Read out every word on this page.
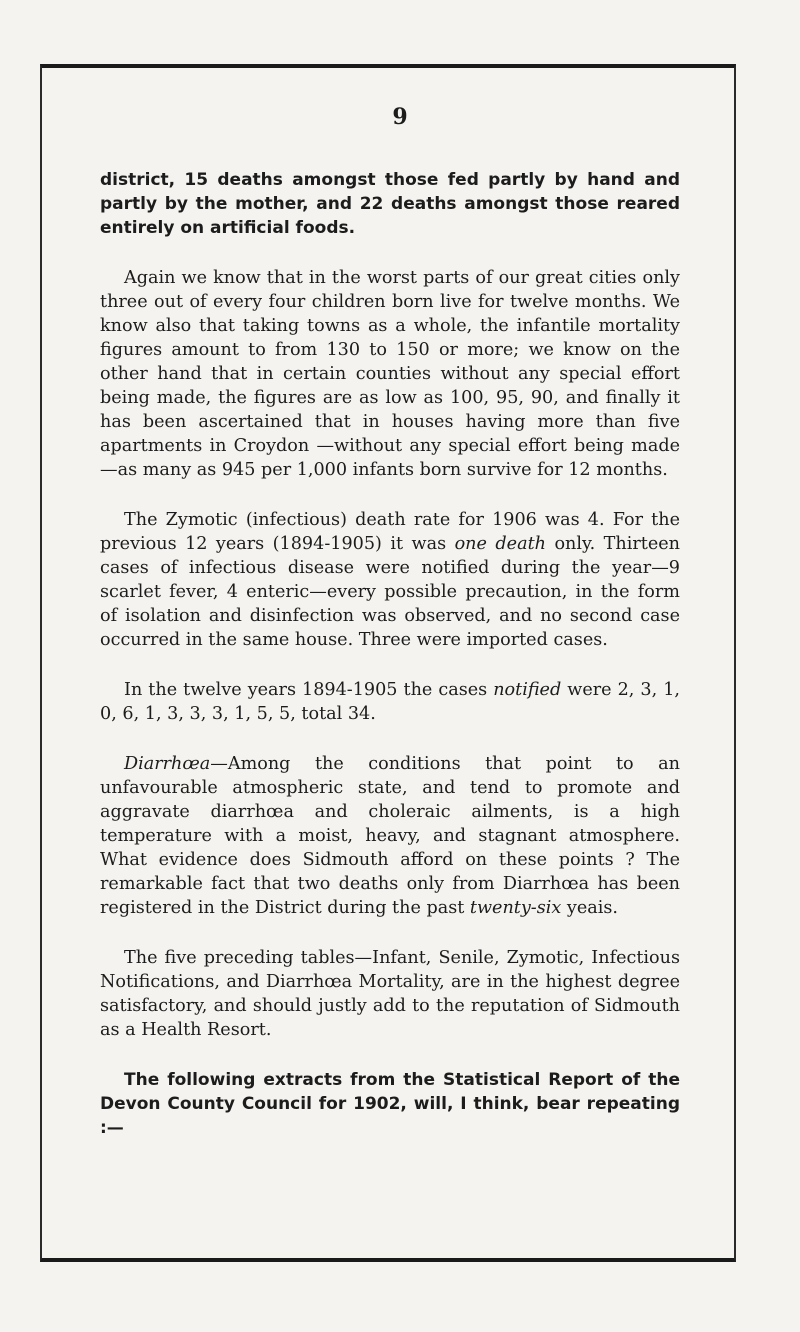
9

district, 15 deaths amongst those fed partly by hand and partly by the mother, and 22 deaths amongst those reared entirely on artificial foods.

Again we know that in the worst parts of our great cities only three out of every four children born live for twelve months. We know also that taking towns as a whole, the infantile mortality figures amount to from 130 to 150 or more; we know on the other hand that in certain counties without any special effort being made, the figures are as low as 100, 95, 90, and finally it has been ascertained that in houses having more than five apartments in Croydon —without any special effort being made—as many as 945 per 1,000 infants born survive for 12 months.

The Zymotic (infectious) death rate for 1906 was 4. For the previous 12 years (1894-1905) it was one death only. Thirteen cases of infectious disease were notified during the year—9 scarlet fever, 4 enteric—every possible precaution, in the form of isolation and disinfection was observed, and no second case occurred in the same house. Three were imported cases.

In the twelve years 1894-1905 the cases notified were 2, 3, 1, 0, 6, 1, 3, 3, 3, 1, 5, 5, total 34.

Diarrhœa—Among the conditions that point to an unfavourable atmospheric state, and tend to promote and aggravate diarrhœa and choleraic ailments, is a high temperature with a moist, heavy, and stagnant atmosphere. What evidence does Sidmouth afford on these points ? The remarkable fact that two deaths only from Diarrhœa has been registered in the District during the past twenty-six yeais.

The five preceding tables—Infant, Senile, Zymotic, Infectious Notifications, and Diarrhœa Mortality, are in the highest degree satisfactory, and should justly add to the reputation of Sidmouth as a Health Resort.

The following extracts from the Statistical Report of the Devon County Council for 1902, will, I think, bear repeating :—
